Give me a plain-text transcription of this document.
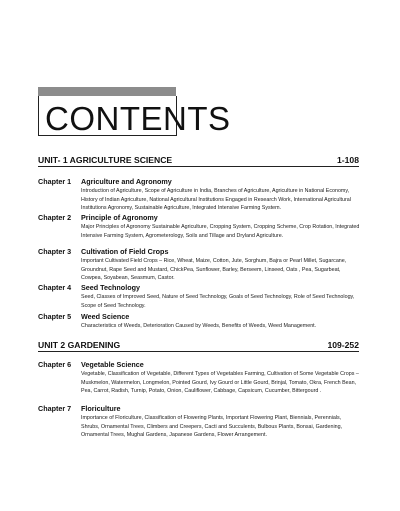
CONTENTS
UNIT- 1 AGRICULTURE SCIENCE	1-108
Chapter 1 Agriculture and Agronomy
Introduction of Agriculture, Scope of Agriculture in India, Branches of Agriculture, Agriculture in National Economy, History of Indian Agriculture, National Agricultural Institutions Engaged in Research Work, International Agricultural Institutions Agronomy, Sustainable Agriculture, Integrated Intensive Farming System.
Chapter 2 Principle of Agronomy
Major Principles of Agronomy Sustainable Agriculture, Cropping System, Cropping Scheme, Crop Rotation, Integrated Intensive Farming System, Agrometerology, Soils and Tillage and Dryland Agriculture.
Chapter 3 Cultivation of Field Crops
Important Cultivated Field Crops – Rice, Wheat, Maize, Cotton, Jute, Sorghum, Bajra or Pearl Millet, Sugarcane, Groundnut, Rape Seed and Mustard, ChickPea, Sunflower, Barley, Berseem, Linseed, Oats , Pea, Sugarbeat, Cowpea, Soyabean, Seasmum, Castor.
Chapter 4 Seed Technology
Seed, Classes of Improved Seed, Nature of Seed Technology, Goals of Seed Technology, Role of Seed Technology, Scope of Seed Technology.
Chapter 5 Weed Science
Characteristics of Weeds, Deterioration Caused by Weeds, Benefits of Weeds, Weed Management.
UNIT 2 GARDENING	109-252
Chapter 6 Vegetable Science
Vegetable, Classification of Vegetable, Different Types of Vegetables Farming, Cultivation of Some Vegetable Crops – Muskmelon, Watermelon, Longmelon, Pointed Gourd, Ivy Gourd or Little Gourd, Brinjal, Tomato, Okra, French Bean, Pea, Carrot, Radish, Turnip, Potato, Onion, Cauliflower, Cabbage, Capsicum, Cucumber, Bittergourd .
Chapter 7 Floriculture
Importance of Floriculture, Classification of Flowering Plants, Important Flowering Plant, Biennials, Perennials, Shrubs, Ornamental Trees, Climbers and Creepers, Cacti and Succulents, Bulbous Plants, Bonsai, Gardening, Ornamental Trees, Mughal Gardens, Japanese Gardens, Flower Arrangement.
